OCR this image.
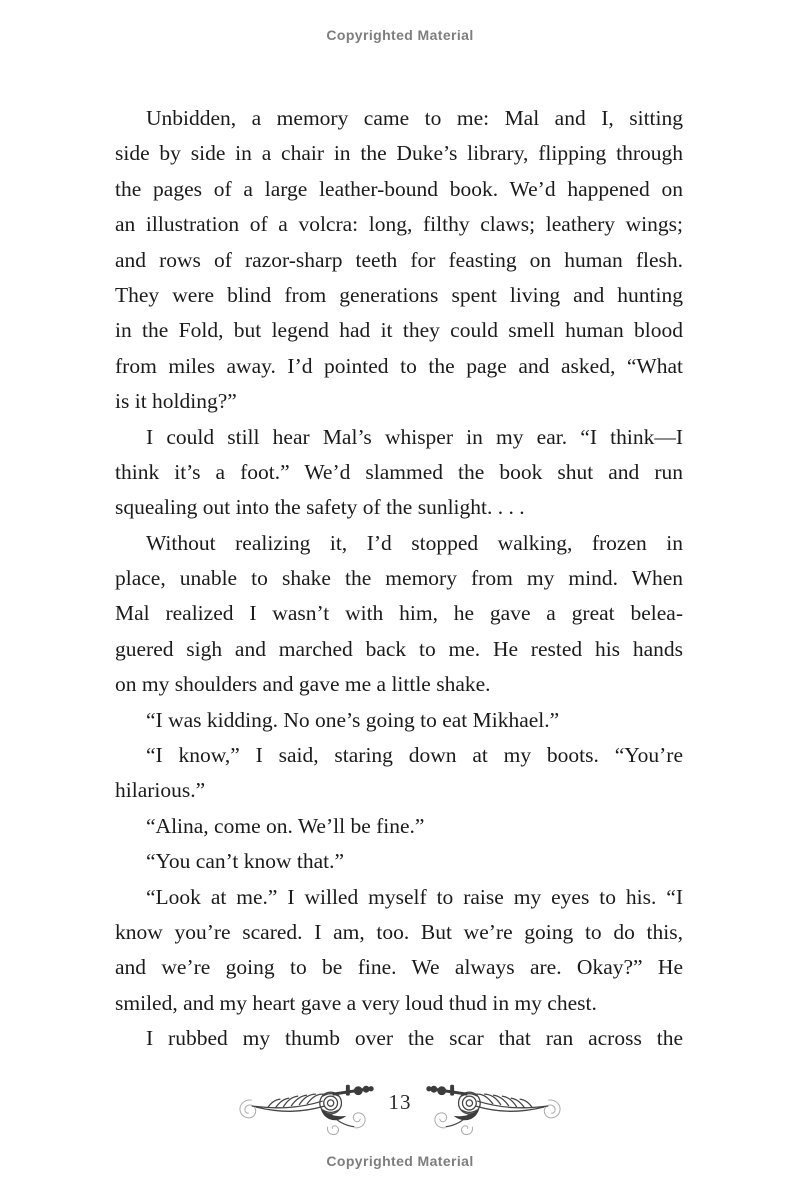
Copyrighted Material
Unbidden, a memory came to me: Mal and I, sitting
side by side in a chair in the Duke’s library, flipping through
the pages of a large leather-bound book. We’d happened on
an illustration of a volcra: long, filthy claws; leathery wings;
and rows of razor-sharp teeth for feasting on human flesh.
They were blind from generations spent living and hunting
in the Fold, but legend had it they could smell human blood
from miles away. I’d pointed to the page and asked, “What
is it holding?”
I could still hear Mal’s whisper in my ear. “I think—I
think it’s a foot.” We’d slammed the book shut and run
squealing out into the safety of the sunlight. . . .
Without realizing it, I’d stopped walking, frozen in
place, unable to shake the memory from my mind. When
Mal realized I wasn’t with him, he gave a great belea-
guered sigh and marched back to me. He rested his hands
on my shoulders and gave me a little shake.
“I was kidding. No one’s going to eat Mikhael.”
“I know,” I said, staring down at my boots. “You’re
hilarious.”
“Alina, come on. We’ll be fine.”
“You can’t know that.”
“Look at me.” I willed myself to raise my eyes to his. “I
know you’re scared. I am, too. But we’re going to do this,
and we’re going to be fine. We always are. Okay?” He
smiled, and my heart gave a very loud thud in my chest.
I rubbed my thumb over the scar that ran across the
13
Copyrighted Material
